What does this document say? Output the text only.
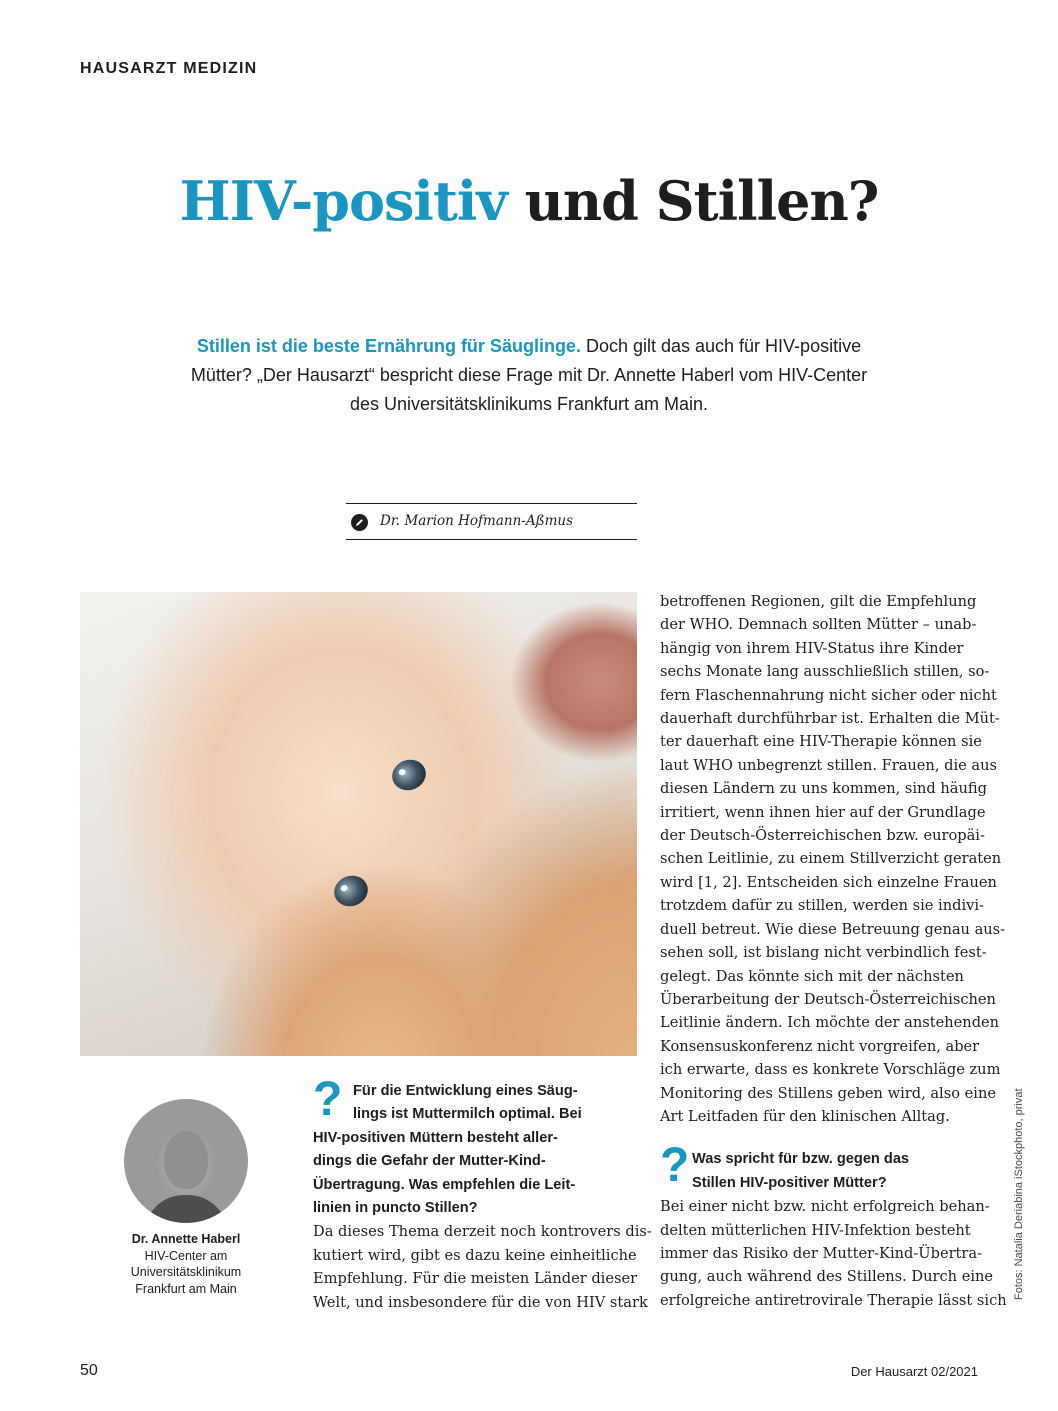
HAUSARZT MEDIZIN
HIV-positiv und Stillen?
Stillen ist die beste Ernährung für Säuglinge. Doch gilt das auch für HIV-positive
Mütter? „Der Hausarzt“ bespricht diese Frage mit Dr. Annette Haberl vom HIV-Center
des Universitätsklinikums Frankfurt am Main.
Dr. Marion Hofmann-Aßmus
betroffenen Regionen, gilt die Empfehlung
der WHO. Demnach sollten Mütter – unab-
hängig von ihrem HIV-Status ihre Kinder
sechs Monate lang ausschließlich stillen, so-
fern Flaschennahrung nicht sicher oder nicht
dauerhaft durchführbar ist. Erhalten die Müt-
ter dauerhaft eine HIV-Therapie können sie
laut WHO unbegrenzt stillen. Frauen, die aus
diesen Ländern zu uns kommen, sind häufig
irritiert, wenn ihnen hier auf der Grundlage
der Deutsch-Österreichischen bzw. europäi-
schen Leitlinie, zu einem Stillverzicht geraten
wird [1, 2]. Entscheiden sich einzelne Frauen
trotzdem dafür zu stillen, werden sie indivi-
duell betreut. Wie diese Betreuung genau aus-
sehen soll, ist bislang nicht verbindlich fest-
gelegt. Das könnte sich mit der nächsten
Überarbeitung der Deutsch-Österreichischen
Leitlinie ändern. Ich möchte der anstehenden
Konsensuskonferenz nicht vorgreifen, aber
ich erwarte, dass es konkrete Vorschläge zum
Monitoring des Stillens geben wird, also eine
Art Leitfaden für den klinischen Alltag.
? Was spricht für bzw. gegen das
Stillen HIV-positiver Mütter?
Bei einer nicht bzw. nicht erfolgreich behan-
delten mütterlichen HIV-Infektion besteht
immer das Risiko der Mutter-Kind-Übertra-
gung, auch während des Stillens. Durch eine
erfolgreiche antiretrovirale Therapie lässt sich
Dr. Annette Haberl
HIV-Center am
Universitätsklinikum
Frankfurt am Main
? Für die Entwicklung eines Säug-
lings ist Muttermilch optimal. Bei
HIV-positiven Müttern besteht aller-
dings die Gefahr der Mutter-Kind-
Übertragung. Was empfehlen die Leit-
linien in puncto Stillen?
Da dieses Thema derzeit noch kontrovers dis-
kutiert wird, gibt es dazu keine einheitliche
Empfehlung. Für die meisten Länder dieser
Welt, und insbesondere für die von HIV stark
Fotos: Natalia Deriabina iStockphoto, privat
50	Der Hausarzt 02/2021
